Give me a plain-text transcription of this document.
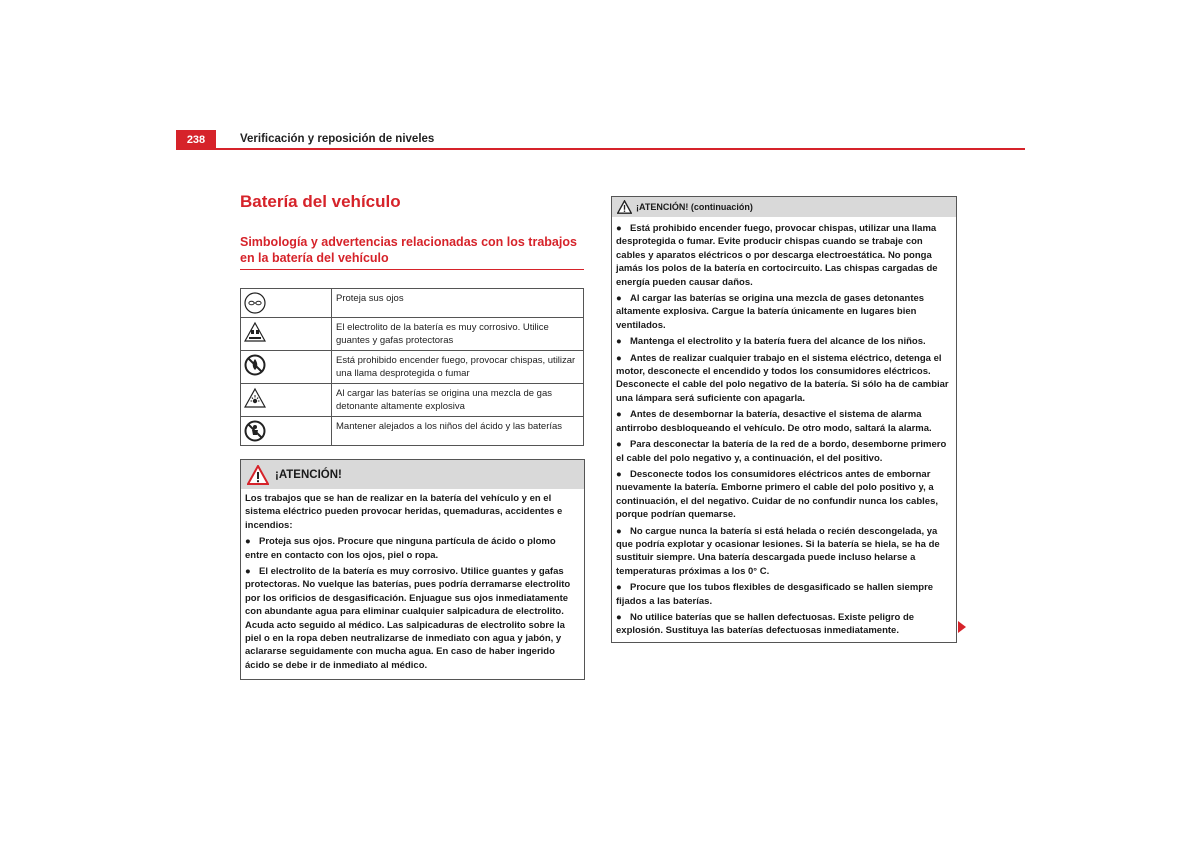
238	Verificación y reposición de niveles
Batería del vehículo
Simbología y advertencias relacionadas con los trabajos en la batería del vehículo
	Proteja sus ojos

	El electrolito de la batería es muy corrosivo. Utilice guantes y gafas protectoras

	Está prohibido encender fuego, provocar chispas, utilizar una llama desprotegida o fumar

	Al cargar las baterías se origina una mezcla de gas detonante altamente explosiva

	Mantener alejados a los niños del ácido y las baterías
¡ATENCIÓN!

Los trabajos que se han de realizar en la batería del vehículo y en el sistema eléctrico pueden provocar heridas, quemaduras, accidentes e incendios:

● Proteja sus ojos. Procure que ninguna partícula de ácido o plomo entre en contacto con los ojos, piel o ropa.

● El electrolito de la batería es muy corrosivo. Utilice guantes y gafas protectoras. No vuelque las baterías, pues podría derramarse electrolito por los orificios de desgasificación. Enjuague sus ojos inmediatamente con abundante agua para eliminar cualquier salpicadura de electrolito. Acuda acto seguido al médico. Las salpicaduras de electrolito sobre la piel o en la ropa deben neutralizarse de inmediato con agua y jabón, y aclararse seguidamente con mucha agua. En caso de haber ingerido ácido se debe ir de inmediato al médico.

¡ATENCIÓN! (continuación)

● Está prohibido encender fuego, provocar chispas, utilizar una llama desprotegida o fumar. Evite producir chispas cuando se trabaje con cables y aparatos eléctricos o por descarga electroestática. No ponga jamás los polos de la batería en cortocircuito. Las chispas cargadas de energía pueden causar daños.

● Al cargar las baterías se origina una mezcla de gases detonantes altamente explosiva. Cargue la batería únicamente en lugares bien ventilados.

● Mantenga el electrolito y la batería fuera del alcance de los niños.

● Antes de realizar cualquier trabajo en el sistema eléctrico, detenga el motor, desconecte el encendido y todos los consumidores eléctricos. Desconecte el cable del polo negativo de la batería. Si sólo ha de cambiar una lámpara será suficiente con apagarla.

● Antes de desembornar la batería, desactive el sistema de alarma antirrobo desbloqueando el vehículo. De otro modo, saltará la alarma.

● Para desconectar la batería de la red de a bordo, desemborne primero el cable del polo negativo y, a continuación, el del positivo.

● Desconecte todos los consumidores eléctricos antes de embornar nuevamente la batería. Emborne primero el cable del polo positivo y, a continuación, el del negativo. Cuidar de no confundir nunca los cables, porque podrían quemarse.

● No cargue nunca la batería si está helada o recién descongelada, ya que podría explotar y ocasionar lesiones. Si la batería se hiela, se ha de sustituir siempre. Una batería descargada puede incluso helarse a temperaturas próximas a los 0° C.

● Procure que los tubos flexibles de desgasificado se hallen siempre fijados a las baterías.

● No utilice baterías que se hallen defectuosas. Existe peligro de explosión. Sustituya las baterías defectuosas inmediatamente.
